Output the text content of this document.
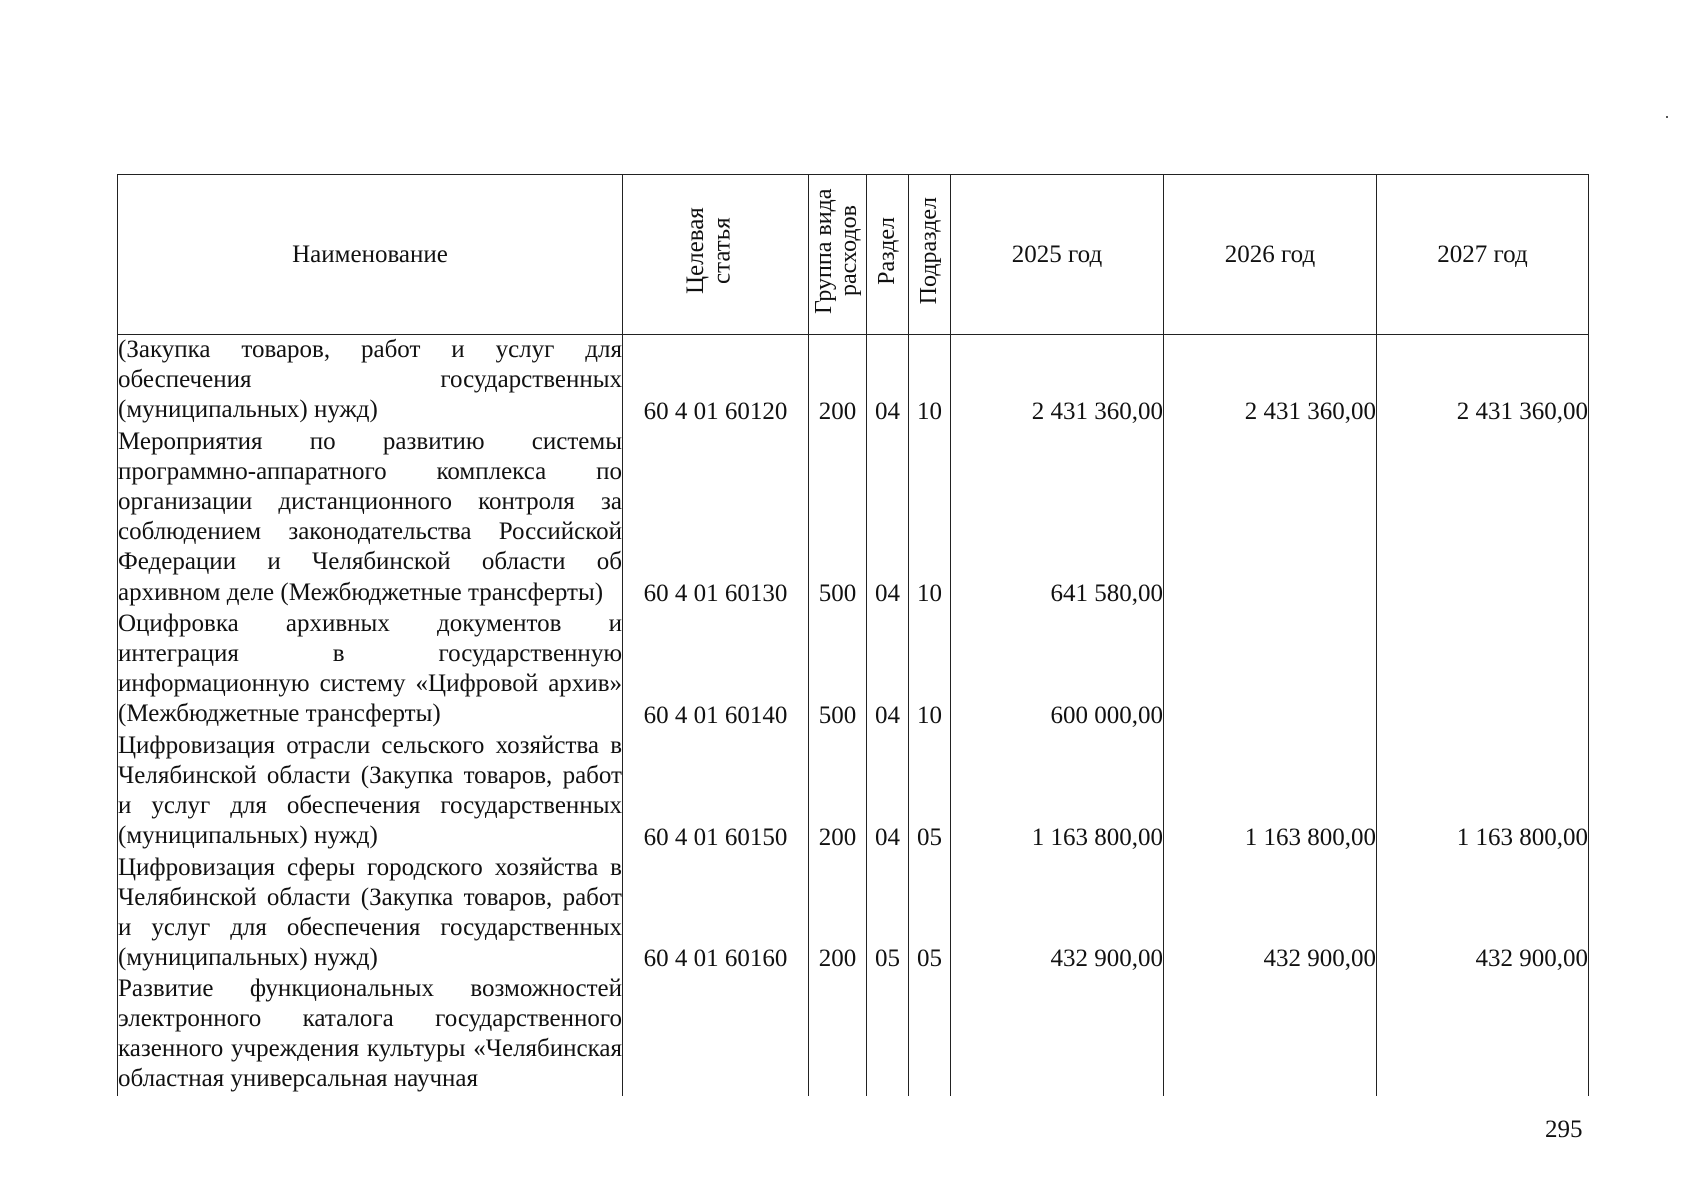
Наименование	Целевая статья	Группа вида расходов	Раздел	Подраздел	2025 год	2026 год	2027 год
(Закупка товаров, работ и услуг для обеспечения государственных (муниципальных) нужд)	60 4 01 60120	200	04	10	2 431 360,00	2 431 360,00	2 431 360,00
Мероприятия по развитию системы программно-аппаратного комплекса по организации дистанционного контроля за соблюдением законодательства Российской Федерации и Челябинской области об архивном деле (Межбюджетные трансферты)	60 4 01 60130	500	04	10	641 580,00		
Оцифровка архивных документов и интеграция в государственную информационную систему «Цифровой архив» (Межбюджетные трансферты)	60 4 01 60140	500	04	10	600 000,00		
Цифровизация отрасли сельского хозяйства в Челябинской области (Закупка товаров, работ и услуг для обеспечения государственных (муниципальных) нужд)	60 4 01 60150	200	04	05	1 163 800,00	1 163 800,00	1 163 800,00
Цифровизация сферы городского хозяйства в Челябинской области (Закупка товаров, работ и услуг для обеспечения государственных (муниципальных) нужд)	60 4 01 60160	200	05	05	432 900,00	432 900,00	432 900,00
Развитие функциональных возможностей электронного каталога государственного казенного учреждения культуры «Челябинская областная универсальная научная							
295
